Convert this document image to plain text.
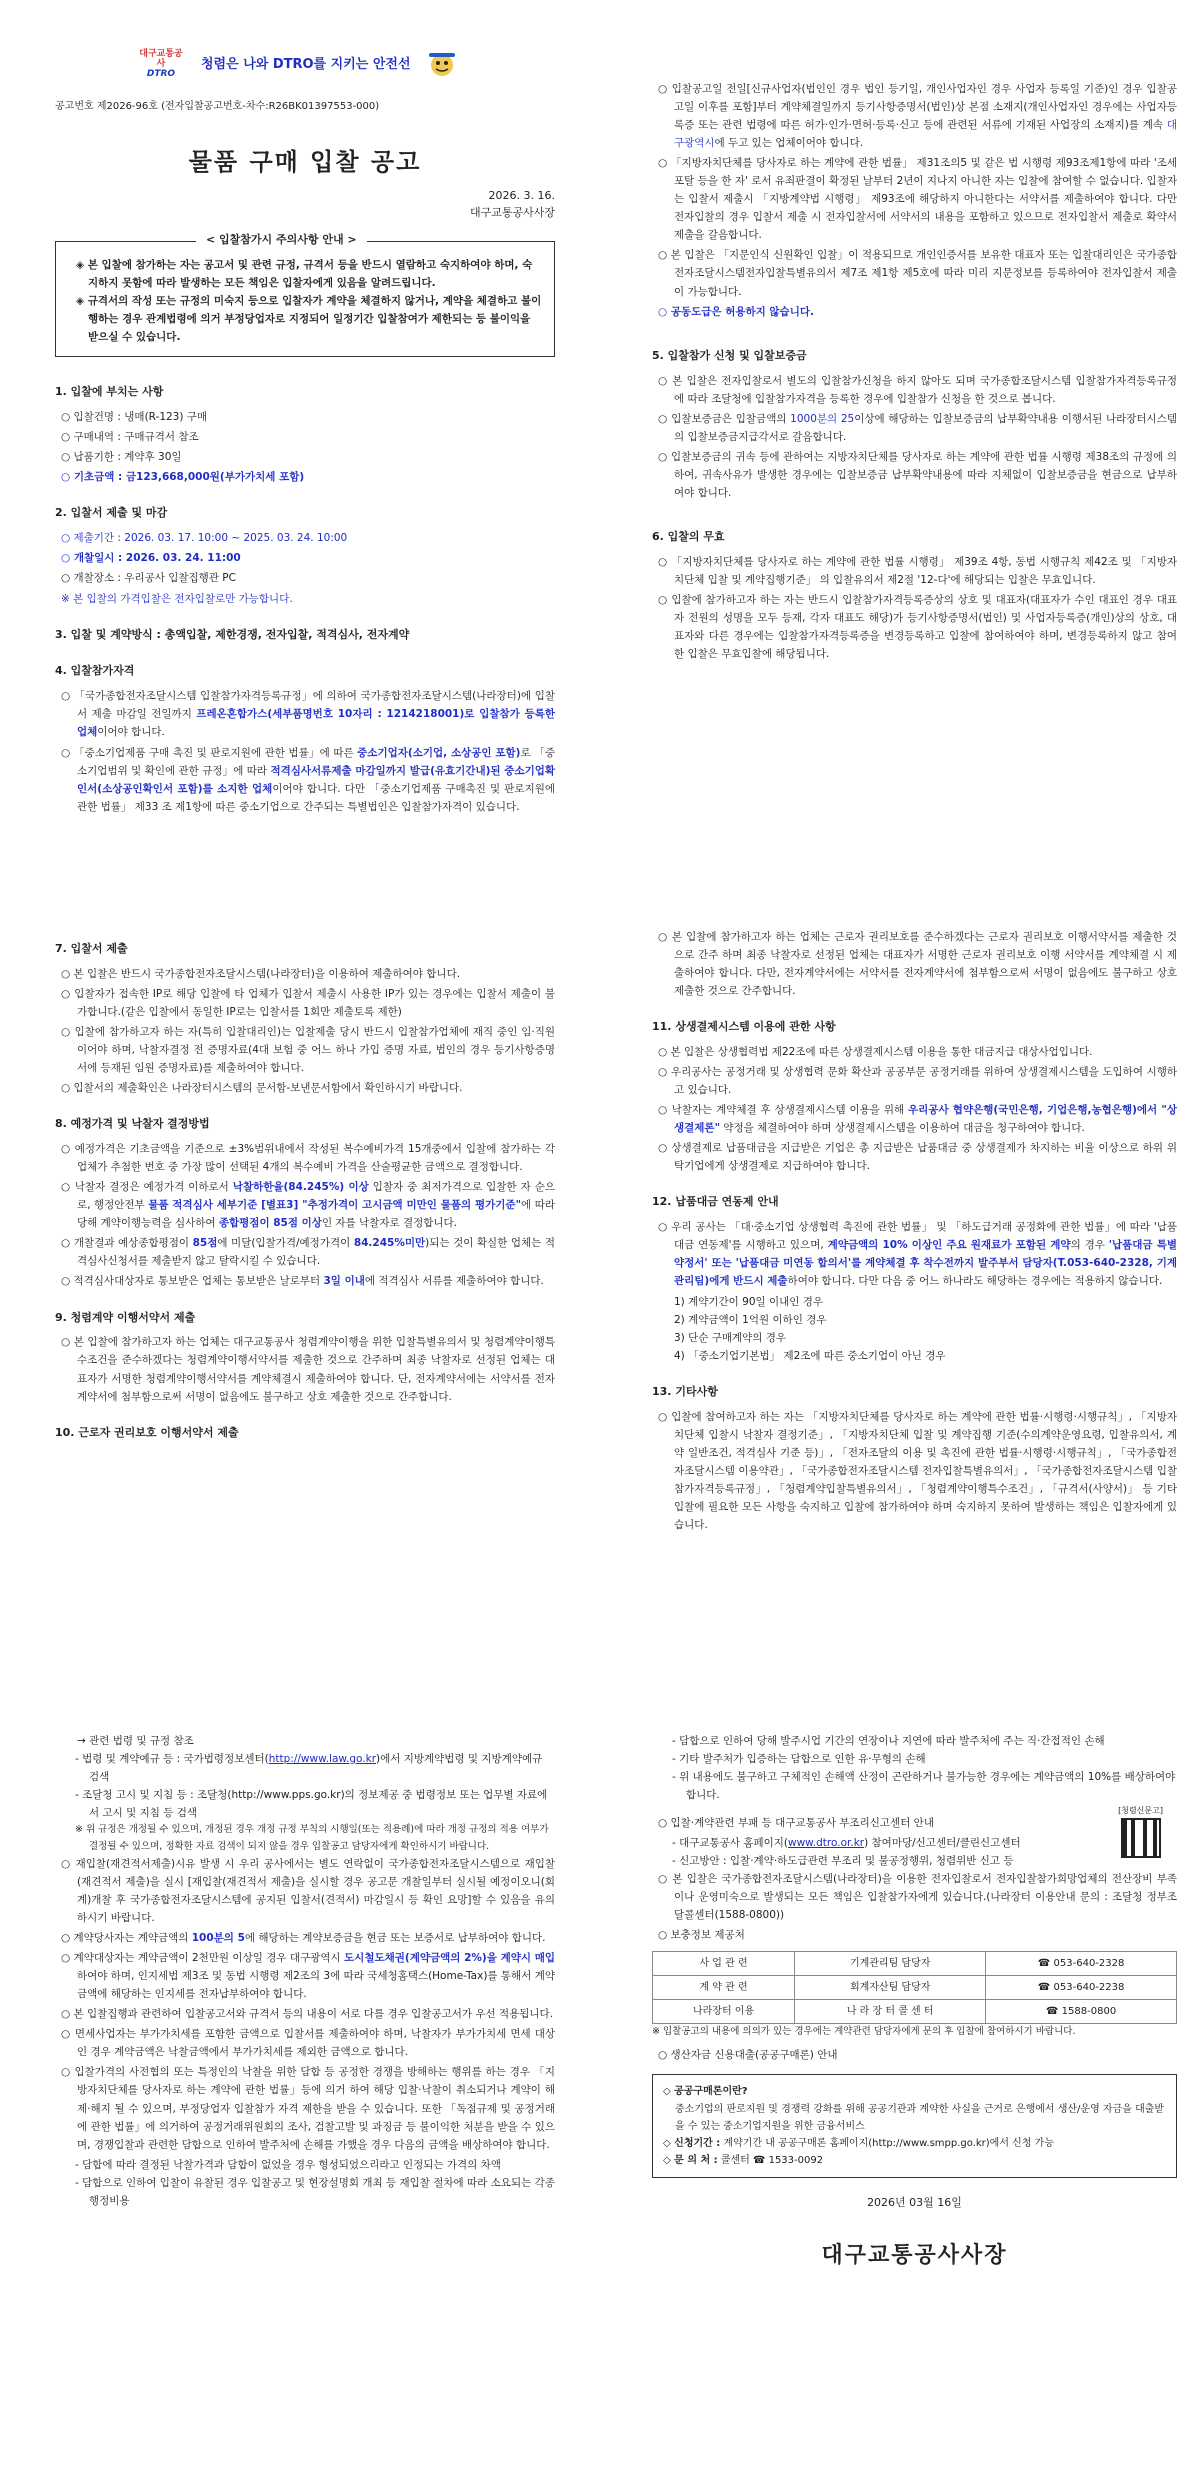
대구교통공사
DTRO
청렴은 나와 DTRO를 지키는 안전선

공고번호 제2026-96호 (전자입찰공고번호-차수:R26BK01397553-000)

물품 구매 입찰 공고

2026. 3. 16.
대구교통공사사장
< 입찰참가시 주의사항 안내 >

◈ 본 입찰에 참가하는 자는 공고서 및 관련 규정, 규격서 등을 반드시 열람하고 숙지하여야 하며, 숙지하지 못함에 따라 발생하는 모든 책임은 입찰자에게 있음을 알려드립니다.

◈ 규격서의 작성 또는 규정의 미숙지 등으로 입찰자가 계약을 체결하지 않거나, 계약을 체결하고 불이행하는 경우 관계법령에 의거 부정당업자로 지정되어 일정기간 입찰참여가 제한되는 등 불이익을 받으실 수 있습니다.

1. 입찰에 부치는 사항

○ 입찰건명 : 냉매(R-123) 구매

○ 구매내역 : 구매규격서 참조

○ 납품기한 : 계약후 30일

○ 기초금액 : 금123,668,000원(부가가치세 포함)

2. 입찰서 제출 및 마감

○ 제출기간 : 2026. 03. 17. 10:00 ~ 2025. 03. 24. 10:00

○ 개찰일시 : 2026. 03. 24. 11:00

○ 개찰장소 : 우리공사 입찰집행관 PC

※ 본 입찰의 가격입찰은 전자입찰로만 가능합니다.

3. 입찰 및 계약방식 : 총액입찰, 제한경쟁, 전자입찰, 적격심사, 전자계약

4. 입찰참가자격

○ 「국가종합전자조달시스템 입찰참가자격등록규정」에 의하여 국가종합전자조달시스템(나라장터)에 입찰서 제출 마감일 전일까지 프레온혼합가스(세부품명번호 10자리 : 1214218001)로 입찰참가 등록한 업체이어야 합니다.

○ 「중소기업제품 구매 촉진 및 판로지원에 관한 법률」에 따른 중소기업자(소기업, 소상공인 포함)로 「중소기업범위 및 확인에 관한 규정」에 따라 적격심사서류제출 마감일까지 발급(유효기간내)된 중소기업확인서(소상공인확인서 포함)를 소지한 업체이어야 합니다. 다만 「중소기업제품 구매촉진 및 판로지원에 관한 법률」 제33 조 제1항에 따른 중소기업으로 간주되는 특별법인은 입찰참가자격이 있습니다.

○ 입찰공고일 전일[신규사업자(법인인 경우 법인 등기일, 개인사업자인 경우 사업자 등록일 기준)인 경우 입찰공고일 이후를 포함]부터 계약체결일까지 등기사항증명서(법인)상 본점 소재지(개인사업자인 경우에는 사업자등록증 또는 관련 법령에 따른 허가·인가·면허·등록·신고 등에 관련된 서류에 기재된 사업장의 소재지)를 계속 대구광역시에 두고 있는 업체이어야 합니다.

○ 「지방자치단체를 당사자로 하는 계약에 관한 법률」 제31조의5 및 같은 법 시행령 제93조제1항에 따라 '조세포탈 등을 한 자' 로서 유죄판결이 확정된 날부터 2년이 지나지 아니한 자는 입찰에 참여할 수 없습니다. 입찰자는 입찰서 제출시 「지방계약법 시행령」 제93조에 해당하지 아니한다는 서약서를 제출하여야 합니다. 다만 전자입찰의 경우 입찰서 제출 시 전자입찰서에 서약서의 내용을 포함하고 있으므로 전자입찰서 제출로 확약서 제출을 갈음합니다.

○ 본 입찰은 「지문인식 신원확인 입찰」이 적용되므로 개인인증서를 보유한 대표자 또는 입찰대리인은 국가종합전자조달시스템전자입찰특별유의서 제7조 제1항 제5호에 따라 미리 지문정보를 등록하여야 전자입찰서 제출이 가능합니다.

○ 공동도급은 허용하지 않습니다.

5. 입찰참가 신청 및 입찰보증금

○ 본 입찰은 전자입찰로서 별도의 입찰참가신청을 하지 않아도 되며 국가종합조달시스템 입찰참가자격등록규정에 따라 조달청에 입찰참가자격을 등록한 경우에 입찰참가 신청을 한 것으로 봅니다.

○ 입찰보증금은 입찰금액의 1000분의 25이상에 해당하는 입찰보증금의 납부확약내용 이행서된 나라장터시스템의 입찰보증금지급각서로 갈음합니다.

○ 입찰보증금의 귀속 등에 관하여는 지방자치단체를 당사자로 하는 계약에 관한 법률 시행령 제38조의 규정에 의하여, 귀속사유가 발생한 경우에는 입찰보증금 납부확약내용에 따라 지체없이 입찰보증금을 현금으로 납부하여야 합니다.

6. 입찰의 무효

○ 「지방자치단체를 당사자로 하는 계약에 관한 법률 시행령」 제39조 4항, 동법 시행규칙 제42조 및 「지방자치단체 입찰 및 계약집행기준」 의 입찰유의서 제2절 '12-다'에 해당되는 입찰은 무효입니다.

○ 입찰에 참가하고자 하는 자는 반드시 입찰참가자격등록증상의 상호 및 대표자(대표자가 수인 대표인 경우 대표자 전원의 성명을 모두 등재, 각자 대표도 해당)가 등기사항증명서(법인) 및 사업자등록증(개인)상의 상호, 대표자와 다른 경우에는 입찰참가자격등록증을 변경등록하고 입찰에 참여하여야 하며, 변경등록하지 않고 참여한 입찰은 무효입찰에 해당됩니다.

7. 입찰서 제출

○ 본 입찰은 반드시 국가종합전자조달시스템(나라장터)을 이용하여 제출하여야 합니다.

○ 입찰자가 접속한 IP로 해당 입찰에 타 업체가 입찰서 제출시 사용한 IP가 있는 경우에는 입찰서 제출이 불가합니다.(같은 입찰에서 동일한 IP로는 입찰서를 1회만 제출토록 제한)

○ 입찰에 참가하고자 하는 자(특히 입찰대리인)는 입찰제출 당시 반드시 입찰참가업체에 재직 중인 임·직원이어야 하며, 낙찰자결정 전 증명자료(4대 보험 중 어느 하나 가입 증명 자료, 법인의 경우 등기사항증명서에 등재된 임원 증명자료)를 제출하여야 합니다.

○ 입찰서의 제출확인은 나라장터시스템의 문서함-보낸문서함에서 확인하시기 바랍니다.

8. 예정가격 및 낙찰자 결정방법

○ 예정가격은 기초금액을 기준으로 ±3%범위내에서 작성된 복수예비가격 15개중에서 입찰에 참가하는 각 업체가 추첨한 번호 중 가장 많이 선택된 4개의 복수예비 가격을 산술평균한 금액으로 결정합니다.

○ 낙찰자 결정은 예정가격 이하로서 낙찰하한율(84.245%) 이상 입찰자 중 최저가격으로 입찰한 자 순으로, 행정안전부 물품 적격심사 세부기준 [별표3] "추정가격이 고시금액 미만인 물품의 평가기준"에 따라 당해 계약이행능력을 심사하여 종합평점이 85점 이상인 자를 낙찰자로 결정합니다.

○ 개찰결과 예상종합평점이 85점에 미달(입찰가격/예정가격이 84.245%미만)되는 것이 확실한 업체는 적격심사신청서를 제출받지 않고 탈락시킬 수 있습니다.

○ 적격심사대상자로 통보받은 업체는 통보받은 날로부터 3일 이내에 적격심사 서류를 제출하여야 합니다.

9. 청렴계약 이행서약서 제출

○ 본 입찰에 참가하고자 하는 업체는 대구교통공사 청렴계약이행을 위한 입찰특별유의서 및 청렴계약이행특수조건을 준수하겠다는 청렴계약이행서약서를 제출한 것으로 간주하며 최종 낙찰자로 선정된 업체는 대표자가 서명한 청렴계약이행서약서를 계약체결시 제출하여야 합니다. 단, 전자계약서에는 서약서를 전자계약서에 첨부함으로써 서명이 없음에도 불구하고 상호 제출한 것으로 간주합니다.

10. 근로자 권리보호 이행서약서 제출

○ 본 입찰에 참가하고자 하는 업체는 근로자 권리보호를 준수하겠다는 근로자 권리보호 이행서약서를 제출한 것으로 간주 하며 최종 낙찰자로 선정된 업체는 대표자가 서명한 근로자 권리보호 이행 서약서를 계약체결 시 제출하여야 합니다. 다만, 전자계약서에는 서약서를 전자계약서에 첨부함으로써 서명이 없음에도 불구하고 상호 제출한 것으로 간주합니다.

11. 상생결제시스템 이용에 관한 사항

○ 본 입찰은 상생협력법 제22조에 따른 상생결제시스템 이용을 통한 대금지급 대상사업입니다.

○ 우리공사는 공정거래 및 상생협력 문화 확산과 공공부문 공정거래를 위하여 상생결제시스템을 도입하여 시행하고 있습니다.

○ 낙찰자는 계약체결 후 상생결제시스템 이용을 위해 우리공사 협약은행(국민은행, 기업은행,농협은행)에서 "상생결제론" 약정을 체결하여야 하며 상생결제시스템을 이용하여 대금을 청구하여야 합니다.

○ 상생결제로 납품대금을 지급받은 기업은 총 지급받은 납품대금 중 상생결제가 차지하는 비율 이상으로 하위 위탁기업에게 상생결제로 지급하여야 합니다.

12. 납품대금 연동제 안내

○ 우리 공사는 「대·중소기업 상생협력 촉진에 관한 법률」 및 「하도급거래 공정화에 관한 법률」에 따라 '납품대금 연동제'를 시행하고 있으며, 계약금액의 10% 이상인 주요 원재료가 포함된 계약의 경우 '납품대금 특별 약정서' 또는 '납품대금 미연동 합의서'를 계약체결 후 착수전까지 발주부서 담당자(T.053-640-2328, 기계관리팀)에게 반드시 제출하여야 합니다. 다만 다음 중 어느 하나라도 해당하는 경우에는 적용하지 않습니다.

1) 계약기간이 90일 이내인 경우

2) 계약금액이 1억원 이하인 경우

3) 단순 구매계약의 경우

4) 「중소기업기본법」 제2조에 따른 중소기업이 아닌 경우

13. 기타사항

○ 입찰에 참여하고자 하는 자는 「지방자치단체를 당사자로 하는 계약에 관한 법률·시행령·시행규칙」, 「지방자치단체 입찰시 낙찰자 결정기준」, 「지방자치단체 입찰 및 계약집행 기준(수의계약운영요령, 입찰유의서, 계약 일반조건, 적격심사 기준 등)」, 「전자조달의 이용 및 촉진에 관한 법률·시행령·시행규칙」, 「국가종합전자조달시스템 이용약관」, 「국가종합전자조달시스템 전자입찰특별유의서」, 「국가종합전자조달시스템 입찰참가자격등록규정」, 「청렴계약입찰특별유의서」, 「청렴계약이행특수조건」, 「규격서(사양서)」 등 기타 입찰에 필요한 모든 사항을 숙지하고 입찰에 참가하여야 하며 숙지하지 못하여 발생하는 책임은 입찰자에게 있습니다.

→ 관련 법령 및 규정 참조

- 법령 및 계약예규 등 : 국가법령정보센터(http://www.law.go.kr)에서 지방계약법령 및 지방계약예규 검색

- 조달청 고시 및 지침 등 : 조달청(http://www.pps.go.kr)의 정보제공 중 법령정보 또는 업무별 자료에서 고시 및 지침 등 검색

※ 위 규정은 개정될 수 있으며, 개정된 경우 개정 규정 부칙의 시행일(또는 적용례)에 따라 개정 규정의 적용 여부가 결정될 수 있으며, 정확한 자료 검색이 되지 않을 경우 입찰공고 담당자에게 확인하시기 바랍니다.

○ 재입찰(재견적서제출)시유 발생 시 우리 공사에서는 별도 연락없이 국가종합전자조달시스템으로 재입찰(재견적서 제출)을 실시 [재입찰(재견적서 제출)을 실시할 경우 공고문 개찰일부터 실시될 예정이오니(회계)개찰 후 국가종합전자조달시스템에 공지된 입찰서(견적서) 마감일시 등 확인 요망]할 수 있음을 유의하시기 바랍니다.

○ 계약당사자는 계약금액의 100분의 5에 해당하는 계약보증금을 현금 또는 보증서로 납부하여야 합니다.

○ 계약대상자는 계약금액이 2천만원 이상일 경우 대구광역시 도시철도채권(계약금액의 2%)을 계약시 매입하여야 하며, 인지세법 제3조 및 동법 시행령 제2조의 3에 따라 국세청홈택스(Home-Tax)를 통해서 계약금액에 해당하는 인지세를 전자납부하여야 합니다.

○ 본 입찰집행과 관련하여 입찰공고서와 규격서 등의 내용이 서로 다를 경우 입찰공고서가 우선 적용됩니다.

○ 면세사업자는 부가가치세를 포함한 금액으로 입찰서를 제출하여야 하며, 낙찰자가 부가가치세 면세 대상인 경우 계약금액은 낙찰금액에서 부가가치세를 제외한 금액으로 합니다.

○ 입찰가격의 사전협의 또는 특정인의 낙찰을 위한 담합 등 공정한 경쟁을 방해하는 행위를 하는 경우 「지방자치단체를 당사자로 하는 계약에 관한 법률」등에 의거 하여 해당 입찰·낙찰이 취소되거나 계약이 해제·해지 될 수 있으며, 부정당업자 입찰참가 자격 제한을 받을 수 있습니다. 또한 「독점규제 및 공정거래에 관한 법률」에 의거하여 공정거래위원회의 조사, 검찰고발 및 과징금 등 불이익한 처분을 받을 수 있으며, 경쟁입찰과 관련한 담합으로 인하여 발주처에 손해를 가했을 경우 다음의 금액을 배상하여야 합니다.

- 담합에 따라 결정된 낙찰가격과 담합이 없었을 경우 형성되었으리라고 인정되는 가격의 차액

- 담합으로 인하여 입찰이 유찰된 경우 입찰공고 및 현장설명회 개최 등 재입찰 절차에 따라 소요되는 각종 행정비용

- 담합으로 인하여 당해 발주시업 기간의 연장이나 지연에 따라 발주처에 주는 직·간접적인 손해

- 기타 발주처가 입증하는 담합으로 인한 유·무형의 손해

- 위 내용에도 불구하고 구체적인 손해액 산정이 곤란하거나 불가능한 경우에는 계약금액의 10%를 배상하여야 합니다.

[청렴신문고]

○ 입찰·계약관련 부패 등 대구교통공사 부조리신고센터 안내

- 대구교통공사 홈페이지(www.dtro.or.kr) 참여마당/신고센터/클린신고센터

- 신고방안 : 입찰·계약·하도급관련 부조리 및 불공정행위, 청렴위반 신고 등

○ 본 입찰은 국가종합전자조달시스템(나라장터)을 이용한 전자입찰로서 전자입찰참가희망업체의 전산장비 부족이나 운영미숙으로 발생되는 모든 책임은 입찰참가자에게 있습니다.(나라장터 이용안내 문의 : 조달청 정부조달콜센터(1588-0800))

○ 보충정보 제공처

사 업 관 련	기계관리팀 담당자	☎ 053-640-2328
계 약 관 련	회계자산팀 담당자	☎ 053-640-2238
나라장터 이용	나 라 장 터 콜 센 터	☎ 1588-0800

※ 입찰공고의 내용에 의의가 있는 경우에는 계약관련 담당자에게 문의 후 입찰에 참여하시기 바랍니다.

○ 생산자금 신용대출(공공구매론) 안내

◇ 공공구매론이란?

중소기업의 판로지원 및 경쟁력 강화를 위해 공공기관과 계약한 사실을 근거로 은행에서 생산/운영 자금을 대출받을 수 있는 중소기업지원을 위한 금융서비스

◇ 신청기간 : 계약기간 내 공공구매론 홈페이지(http://www.smpp.go.kr)에서 신청 가능

◇ 문 의 처 : 콜센터 ☎ 1533-0092

2026년 03월 16일

대구교통공사사장
